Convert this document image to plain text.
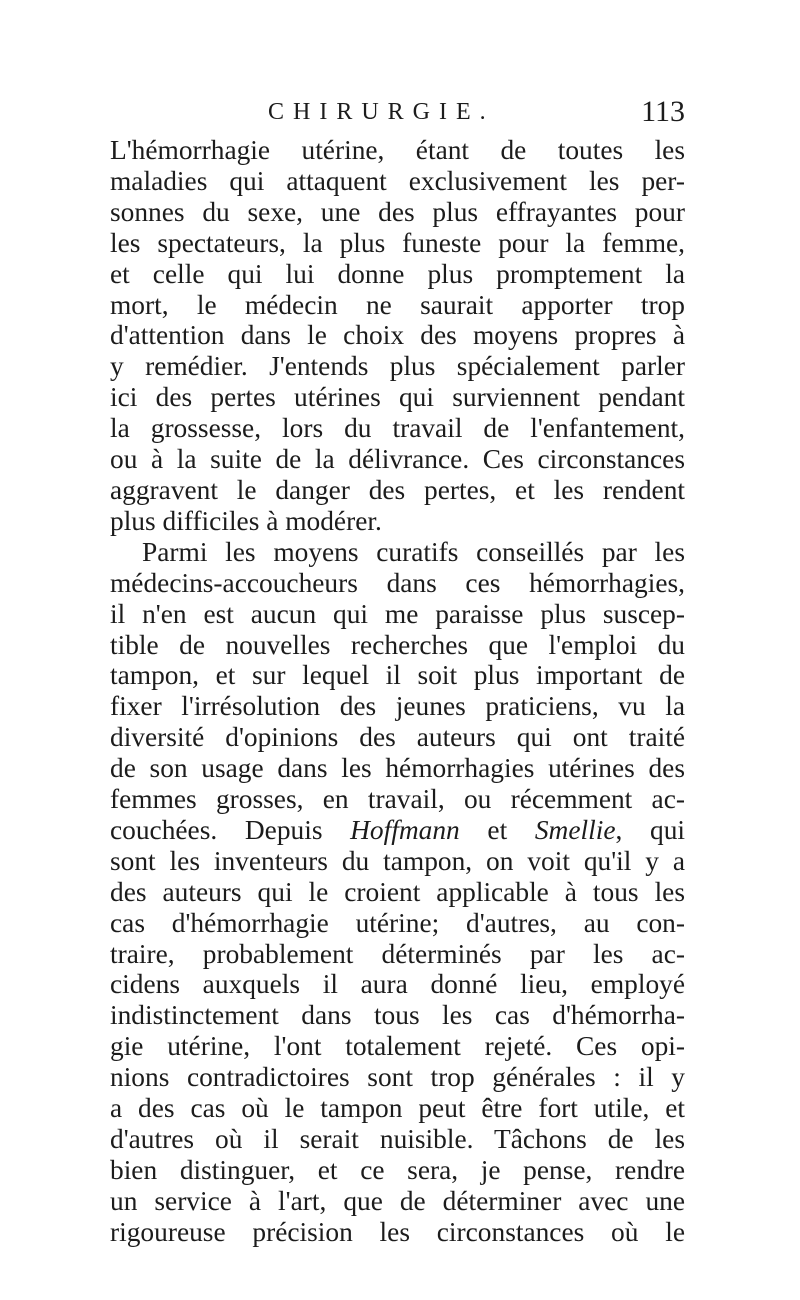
CHIRURGIE.	113
L'hémorrhagie utérine, étant de toutes les
maladies qui attaquent exclusivement les per-
sonnes du sexe, une des plus effrayantes pour
les spectateurs, la plus funeste pour la femme,
et celle qui lui donne plus promptement la
mort, le médecin ne saurait apporter trop
d'attention dans le choix des moyens propres à
y remédier. J'entends plus spécialement parler
ici des pertes utérines qui surviennent pendant
la grossesse, lors du travail de l'enfantement,
ou à la suite de la délivrance. Ces circonstances
aggravent le danger des pertes, et les rendent
plus difficiles à modérer.
Parmi les moyens curatifs conseillés par les
médecins-accoucheurs dans ces hémorrhagies,
il n'en est aucun qui me paraisse plus suscep-
tible de nouvelles recherches que l'emploi du
tampon, et sur lequel il soit plus important de
fixer l'irrésolution des jeunes praticiens, vu la
diversité d'opinions des auteurs qui ont traité
de son usage dans les hémorrhagies utérines des
femmes grosses, en travail, ou récemment ac-
couchées. Depuis Hoffmann et Smellie, qui
sont les inventeurs du tampon, on voit qu'il y a
des auteurs qui le croient applicable à tous les
cas d'hémorrhagie utérine; d'autres, au con-
traire, probablement déterminés par les ac-
cidens auxquels il aura donné lieu, employé
indistinctement dans tous les cas d'hémorrha-
gie utérine, l'ont totalement rejeté. Ces opi-
nions contradictoires sont trop générales : il y
a des cas où le tampon peut être fort utile, et
d'autres où il serait nuisible. Tâchons de les
bien distinguer, et ce sera, je pense, rendre
un service à l'art, que de déterminer avec une
rigoureuse précision les circonstances où le
